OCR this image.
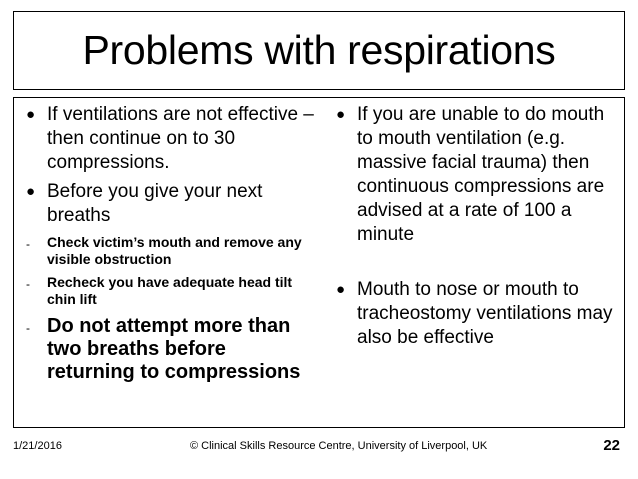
Problems with respirations
● If ventilations are not effective – then continue on to 30 compressions.
● Before you give your next breaths
-	Check victim’s mouth and remove any visible obstruction
-	Recheck you have adequate head tilt chin lift
- Do not attempt more than two breaths before returning to compressions
● If you are unable to do mouth to mouth ventilation (e.g. massive facial trauma) then continuous compressions are advised at a rate of 100 a minute
● Mouth to nose or mouth to tracheostomy ventilations may also be effective
1/21/2016	© Clinical Skills Resource Centre, University of Liverpool, UK	22
